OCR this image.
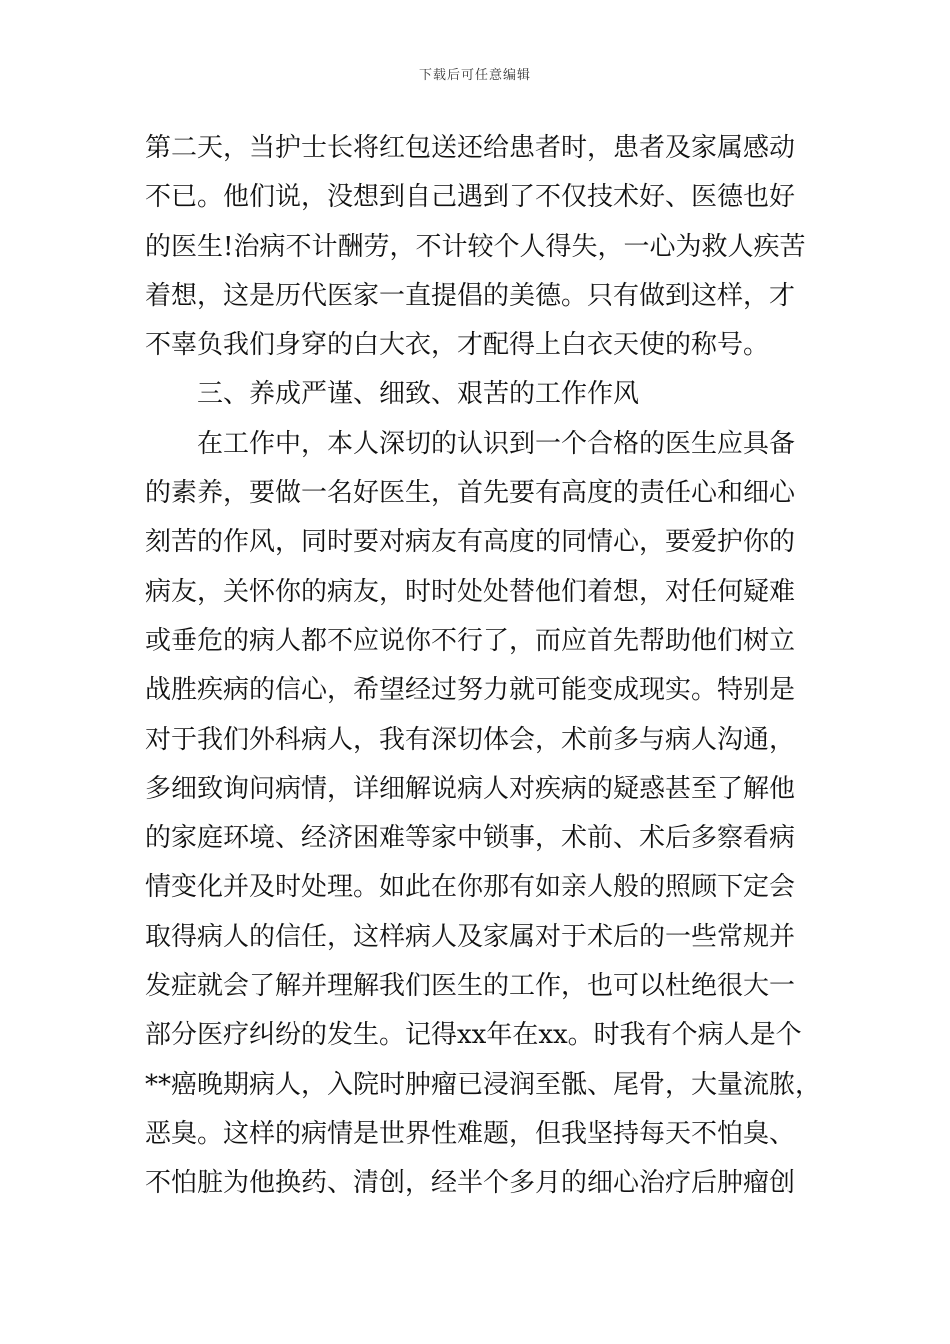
下载后可任意编辑
第二天，当护士长将红包送还给患者时，患者及家属感动
不已。他们说，没想到自己遇到了不仅技术好、医德也好
的医生!治病不计酬劳，不计较个人得失，一心为救人疾苦
着想，这是历代医家一直提倡的美德。只有做到这样，才
不辜负我们身穿的白大衣，才配得上白衣天使的称号。
三、养成严谨、细致、艰苦的工作作风
在工作中，本人深切的认识到一个合格的医生应具备
的素养，要做一名好医生，首先要有高度的责任心和细心
刻苦的作风，同时要对病友有高度的同情心，要爱护你的
病友，关怀你的病友，时时处处替他们着想，对任何疑难
或垂危的病人都不应说你不行了，而应首先帮助他们树立
战胜疾病的信心，希望经过努力就可能变成现实。特别是
对于我们外科病人，我有深切体会，术前多与病人沟通，
多细致询问病情，详细解说病人对疾病的疑惑甚至了解他
的家庭环境、经济困难等家中锁事，术前、术后多察看病
情变化并及时处理。如此在你那有如亲人般的照顾下定会
取得病人的信任，这样病人及家属对于术后的一些常规并
发症就会了解并理解我们医生的工作，也可以杜绝很大一
部分医疗纠纷的发生。记得xx年在xx。时我有个病人是个
**癌晚期病人，入院时肿瘤已浸润至骶、尾骨，大量流脓，
恶臭。这样的病情是世界性难题，但我坚持每天不怕臭、
不怕脏为他换药、清创，经半个多月的细心治疗后肿瘤创
